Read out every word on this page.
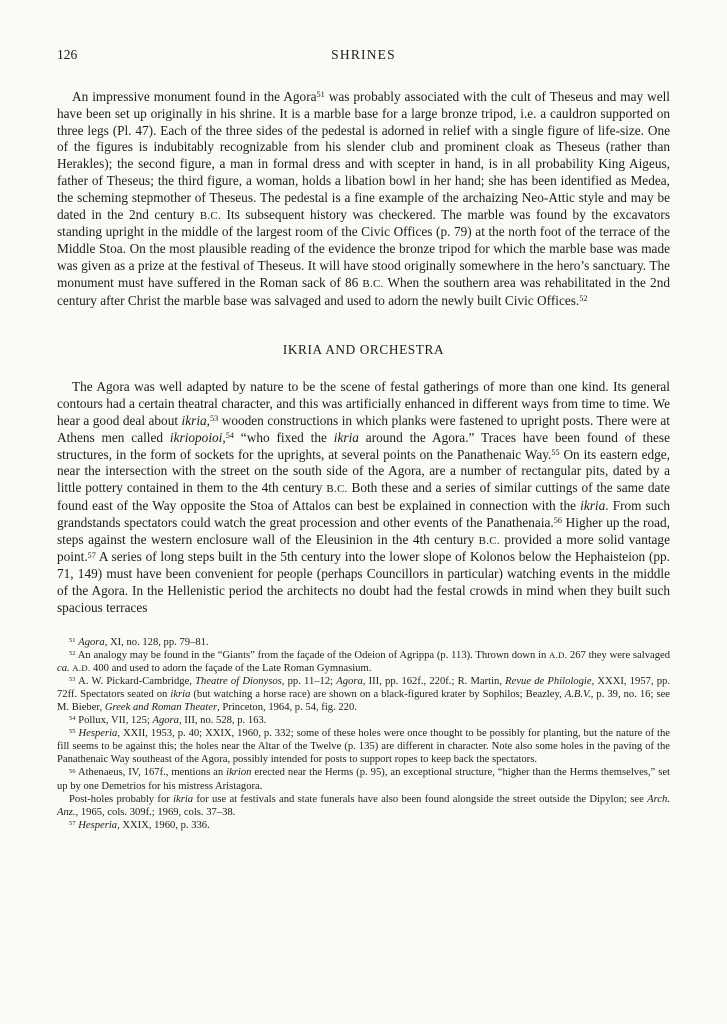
126	SHRINES

An impressive monument found in the Agora$^{51}$ was probably associated with the cult of Theseus and may well have been set up originally in his shrine. It is a marble base for a large bronze tripod, i.e. a cauldron supported on three legs (Pl. 47). Each of the three sides of the pedestal is adorned in relief with a single figure of life-size. One of the figures is indubitably recognizable from his slender club and prominent cloak as Theseus (rather than Herakles); the second figure, a man in formal dress and with scepter in hand, is in all probability King Aigeus, father of Theseus; the third figure, a woman, holds a libation bowl in her hand; she has been identified as Medea, the scheming stepmother of Theseus. The pedestal is a fine example of the archaizing Neo-Attic style and may be dated in the 2nd century B.C. Its subsequent history was checkered. The marble was found by the excavators standing upright in the middle of the largest room of the Civic Offices (p. 79) at the north foot of the terrace of the Middle Stoa. On the most plausible reading of the evidence the bronze tripod for which the marble base was made was given as a prize at the festival of Theseus. It will have stood originally somewhere in the hero’s sanctuary. The monument must have suffered in the Roman sack of 86 B.C. When the southern area was rehabilitated in the 2nd century after Christ the marble base was salvaged and used to adorn the newly built Civic Offices.$^{52}$

IKRIA AND ORCHESTRA

The Agora was well adapted by nature to be the scene of festal gatherings of more than one kind. Its general contours had a certain theatral character, and this was artificially enhanced in different ways from time to time. We hear a good deal about ikria,$^{53}$ wooden constructions in which planks were fastened to upright posts. There were at Athens men called ikriopoioi,$^{54}$ “who fixed the ikria around the Agora.” Traces have been found of these structures, in the form of sockets for the uprights, at several points on the Panathenaic Way.$^{55}$ On its eastern edge, near the intersection with the street on the south side of the Agora, are a number of rectangular pits, dated by a little pottery contained in them to the 4th century B.C. Both these and a series of similar cuttings of the same date found east of the Way opposite the Stoa of Attalos can best be explained in connection with the ikria. From such grandstands spectators could watch the great procession and other events of the Panathenaia.$^{56}$ Higher up the road, steps against the western enclosure wall of the Eleusinion in the 4th century B.C. provided a more solid vantage point.$^{57}$ A series of long steps built in the 5th century into the lower slope of Kolonos below the Hephaisteion (pp. 71, 149) must have been convenient for people (perhaps Councillors in particular) watching events in the middle of the Agora. In the Hellenistic period the architects no doubt had the festal crowds in mind when they built such spacious terraces

$^{51}$ Agora, XI, no. 128, pp. 79–81.

$^{52}$ An analogy may be found in the “Giants” from the façade of the Odeion of Agrippa (p. 113). Thrown down in A.D. 267 they were salvaged ca. A.D. 400 and used to adorn the façade of the Late Roman Gymnasium.

$^{53}$ A. W. Pickard-Cambridge, Theatre of Dionysos, pp. 11–12; Agora, III, pp. 162f., 220f.; R. Martin, Revue de Philologie, XXXI, 1957, pp. 72ff. Spectators seated on ikria (but watching a horse race) are shown on a black-figured krater by Sophilos; Beazley, A.B.V., p. 39, no. 16; see M. Bieber, Greek and Roman Theater, Princeton, 1964, p. 54, fig. 220.

$^{54}$ Pollux, VII, 125; Agora, III, no. 528, p. 163.

$^{55}$ Hesperia, XXII, 1953, p. 40; XXIX, 1960, p. 332; some of these holes were once thought to be possibly for planting, but the nature of the fill seems to be against this; the holes near the Altar of the Twelve (p. 135) are different in character. Note also some holes in the paving of the Panathenaic Way southeast of the Agora, possibly intended for posts to support ropes to keep back the spectators.

$^{56}$ Athenaeus, IV, 167f., mentions an ikrion erected near the Herms (p. 95), an exceptional structure, “higher than the Herms themselves,” set up by one Demetrios for his mistress Aristagora.

Post-holes probably for ikria for use at festivals and state funerals have also been found alongside the street outside the Dipylon; see Arch. Anz., 1965, cols. 309f.; 1969, cols. 37–38.

$^{57}$ Hesperia, XXIX, 1960, p. 336.
